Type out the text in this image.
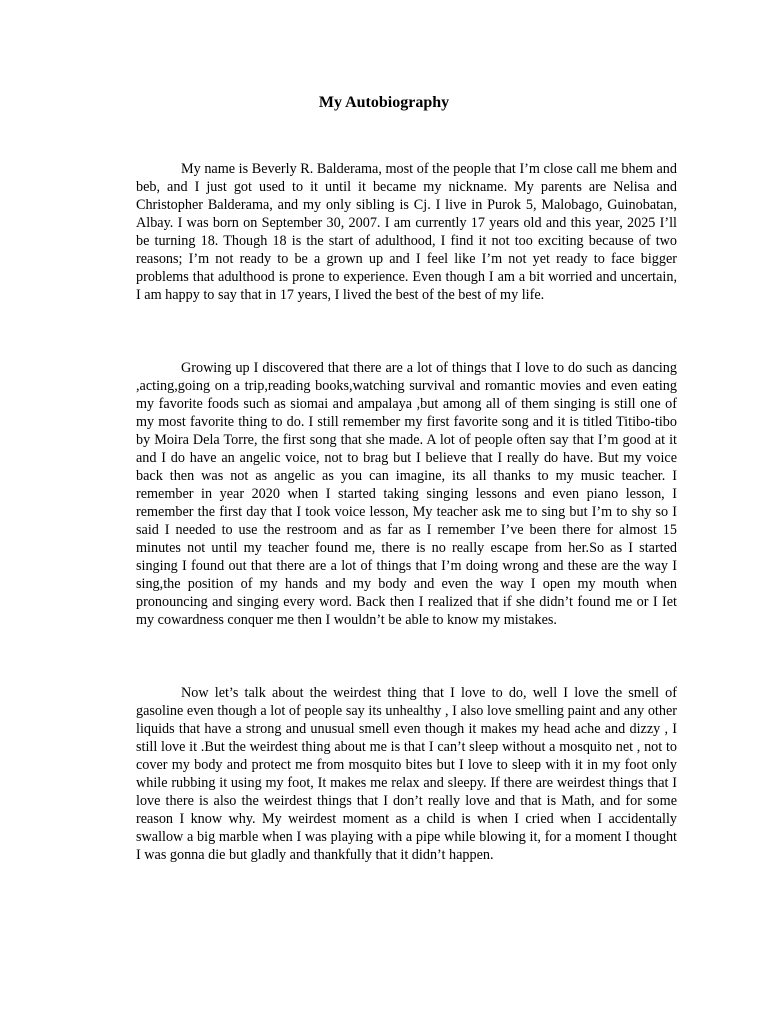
My Autobiography

My name is Beverly R. Balderama, most of the people that I’m close call me bhem and beb, and I just got used to it until it became my nickname. My parents are Nelisa and Christopher Balderama, and my only sibling is Cj. I live in Purok 5, Malobago, Guinobatan, Albay. I was born on September 30, 2007. I am currently 17 years old and this year, 2025 I’ll be turning 18. Though 18 is the start of adulthood, I find it not too exciting because of two reasons; I’m not ready to be a grown up and I feel like I’m not yet ready to face bigger problems that adulthood is prone to experience. Even though I am a bit worried and uncertain, I am happy to say that in 17 years, I lived the best of the best of my life.

Growing up I discovered that there are a lot of things that I love to do such as dancing ,acting,going on a trip,reading books,watching survival and romantic movies and even eating my favorite foods such as siomai and ampalaya ,but among all of them singing is still one of my most favorite thing to do. I still remember my first favorite song and it is titled Titibo-tibo by Moira Dela Torre, the first song that she made. A lot of people often say that I’m good at it and I do have an angelic voice, not to brag but I believe that I really do have. But my voice back then was not as angelic as you can imagine, its all thanks to my music teacher. I remember in year 2020 when I started taking singing lessons and even piano lesson, I remember the first day that I took voice lesson, My teacher ask me to sing but I’m to shy so I said I needed to use the restroom and as far as I remember I’ve been there for almost 15 minutes not until my teacher found me, there is no really escape from her.So as I started singing I found out that there are a lot of things that I’m doing wrong and these are the way I sing,the position of my hands and my body and even the way I open my mouth when pronouncing and singing every word. Back then I realized that if she didn’t found me or I Iet my cowardness conquer me then I wouldn’t be able to know my mistakes.

Now let’s talk about the weirdest thing that I love to do, well I love the smell of gasoline even though a lot of people say its unhealthy , I also love smelling paint and any other liquids that have a strong and unusual smell even though it makes my head ache and dizzy , I still love it .But the weirdest thing about me is that I can’t sleep without a mosquito net , not to cover my body and protect me from mosquito bites but I love to sleep with it in my foot only while rubbing it using my foot, It makes me relax and sleepy. If there are weirdest things that I love there is also the weirdest things that I don’t really love and that is Math, and for some reason I know why. My weirdest moment as a child is when I cried when I accidentally swallow a big marble when I was playing with a pipe while blowing it, for a moment I thought I was gonna die but gladly and thankfully that it didn’t happen.
